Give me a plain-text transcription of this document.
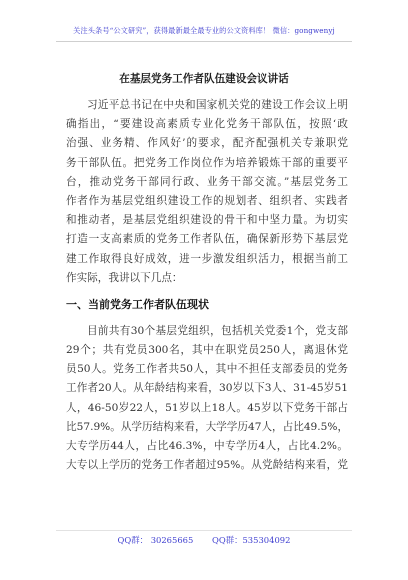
关注头条号“公文研究”，获得最新最全最专业的公文资料库！ 微信：gongwenyj
在基层党务工作者队伍建设会议讲话
习近平总书记在中央和国家机关党的建设工作会议上明
确指出，“要建设高素质专业化党务干部队伍，按照‘政
治强、业务精、作风好’的要求，配齐配强机关专兼职党
务干部队伍。把党务工作岗位作为培养锻炼干部的重要平
台，推动党务干部同行政、业务干部交流。”基层党务工
作者作为基层党组织建设工作的规划者、组织者、实践者
和推动者，是基层党组织建设的骨干和中坚力量。为切实
打造一支高素质的党务工作者队伍，确保新形势下基层党
建工作取得良好成效，进一步激发组织活力，根据当前工
作实际，我讲以下几点：
一、当前党务工作者队伍现状
目前共有30个基层党组织，包括机关党委1个，党支部
29个；共有党员300名，其中在职党员250人，离退休党
员50人。党务工作者共50人，其中不担任支部委员的党务
工作者20人。从年龄结构来看，30岁以下3人、31-45岁51
人，46-50岁22人，51岁以上18人。45岁以下党务干部占
比57.9%。从学历结构来看，大学学历47人，占比49.5%，
大专学历44人，占比46.3%，中专学历4人，占比4.2%。
大专以上学历的党务工作者超过95%。从党龄结构来看，党
QQ群： 30265665 QQ群：535304092
